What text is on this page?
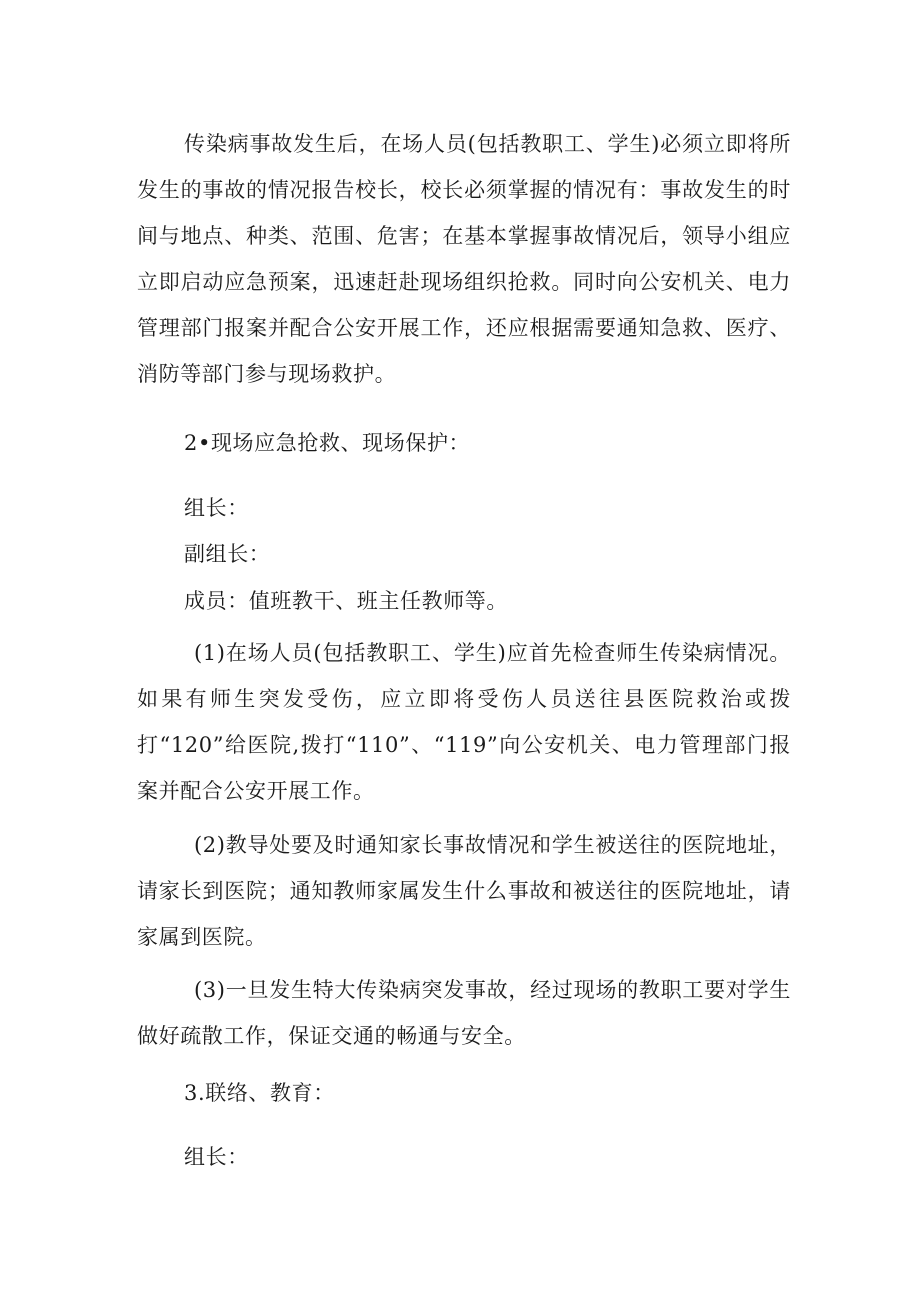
传染病事故发生后，在场人员(包括教职工、学生)必须立即将所发生的事故的情况报告校长，校长必须掌握的情况有：事故发生的时间与地点、种类、范围、危害；在基本掌握事故情况后，领导小组应立即启动应急预案，迅速赶赴现场组织抢救。同时向公安机关、电力管理部门报案并配合公安开展工作，还应根据需要通知急救、医疗、消防等部门参与现场救护。

2•现场应急抢救、现场保护：

组长：

副组长：

成员：值班教干、班主任教师等。

(1)在场人员(包括教职工、学生)应首先检查师生传染病情况。如果有师生突发受伤，应立即将受伤人员送往县医院救治或拨打“120”给医院,拨打“110”、“119”向公安机关、电力管理部门报案并配合公安开展工作。

(2)教导处要及时通知家长事故情况和学生被送往的医院地址，请家长到医院；通知教师家属发生什么事故和被送往的医院地址，请家属到医院。

(3)一旦发生特大传染病突发事故，经过现场的教职工要对学生做好疏散工作，保证交通的畅通与安全。

3.联络、教育：

组长：
